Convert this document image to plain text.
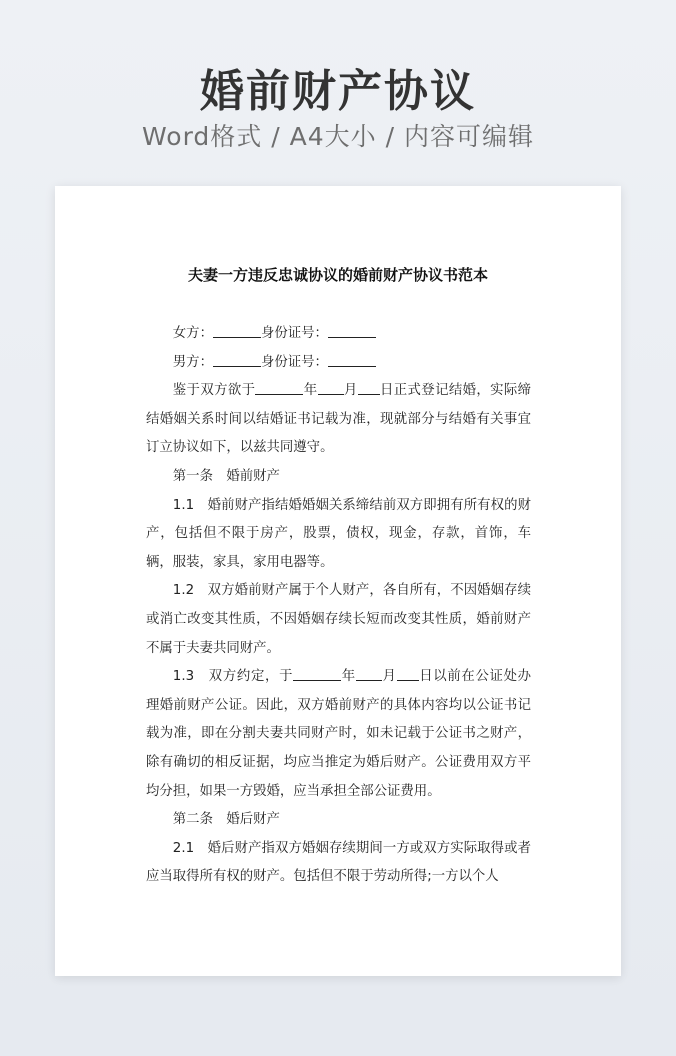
婚前财产协议
Word格式 / A4大小 / 内容可编辑
夫妻一方违反忠诚协议的婚前财产协议书范本

女方：	身份证号：

男方：	身份证号：

鉴于双方欲于	年 月 日正式登记结婚，实际缔结婚姻关系时间以结婚证书记载为准，现就部分与结婚有关事宜订立协议如下，以兹共同遵守。

第一条　婚前财产

1.1　婚前财产指结婚婚姻关系缔结前双方即拥有所有权的财产，包括但不限于房产，股票，债权，现金，存款，首饰，车辆，服装，家具，家用电器等。

1.2　双方婚前财产属于个人财产，各自所有，不因婚姻存续或消亡改变其性质，不因婚姻存续长短而改变其性质，婚前财产不属于夫妻共同财产。

1.3　双方约定，于	年 月 日以前在公证处办理婚前财产公证。因此，双方婚前财产的具体内容均以公证书记载为准，即在分割夫妻共同财产时，如未记载于公证书之财产，除有确切的相反证据，均应当推定为婚后财产。公证费用双方平均分担，如果一方毁婚，应当承担全部公证费用。

第二条　婚后财产

2.1　婚后财产指双方婚姻存续期间一方或双方实际取得或者应当取得所有权的财产。包括但不限于劳动所得;一方以个人
